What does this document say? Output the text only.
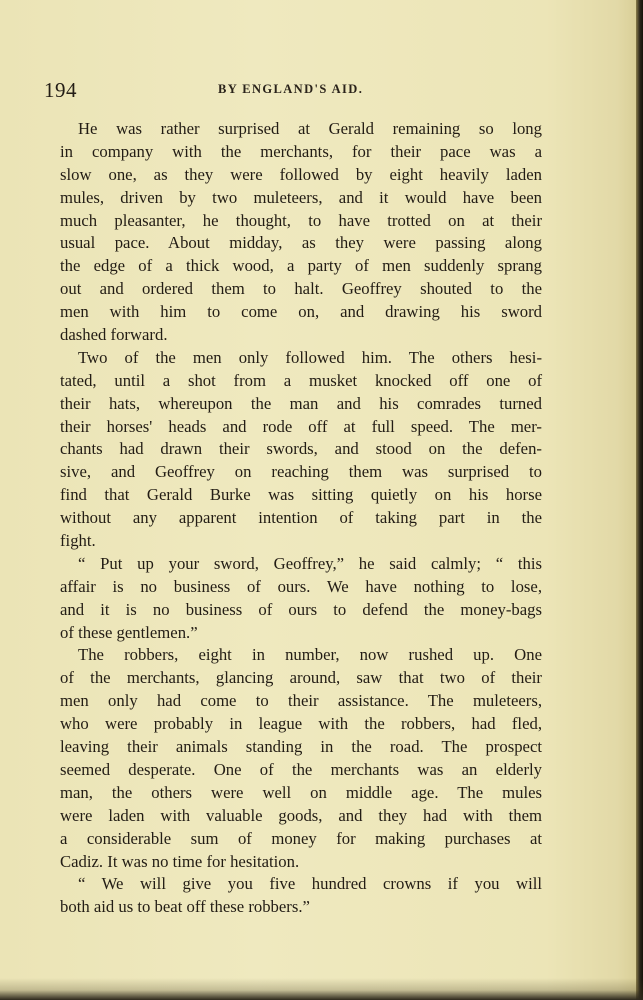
194	BY ENGLAND'S AID.
He was rather surprised at Gerald remaining so long
in company with the merchants, for their pace was a
slow one, as they were followed by eight heavily laden
mules, driven by two muleteers, and it would have been
much pleasanter, he thought, to have trotted on at their
usual pace. About midday, as they were passing along
the edge of a thick wood, a party of men suddenly sprang
out and ordered them to halt. Geoffrey shouted to the
men with him to come on, and drawing his sword
dashed forward.
Two of the men only followed him. The others hesi-
tated, until a shot from a musket knocked off one of
their hats, whereupon the man and his comrades turned
their horses' heads and rode off at full speed. The mer-
chants had drawn their swords, and stood on the defen-
sive, and Geoffrey on reaching them was surprised to
find that Gerald Burke was sitting quietly on his horse
without any apparent intention of taking part in the
fight.
“ Put up your sword, Geoffrey,” he said calmly; “ this
affair is no business of ours. We have nothing to lose,
and it is no business of ours to defend the money-bags
of these gentlemen.”
The robbers, eight in number, now rushed up. One
of the merchants, glancing around, saw that two of their
men only had come to their assistance. The muleteers,
who were probably in league with the robbers, had fled,
leaving their animals standing in the road. The prospect
seemed desperate. One of the merchants was an elderly
man, the others were well on middle age. The mules
were laden with valuable goods, and they had with them
a considerable sum of money for making purchases at
Cadiz. It was no time for hesitation.
“ We will give you five hundred crowns if you will
both aid us to beat off these robbers.”
